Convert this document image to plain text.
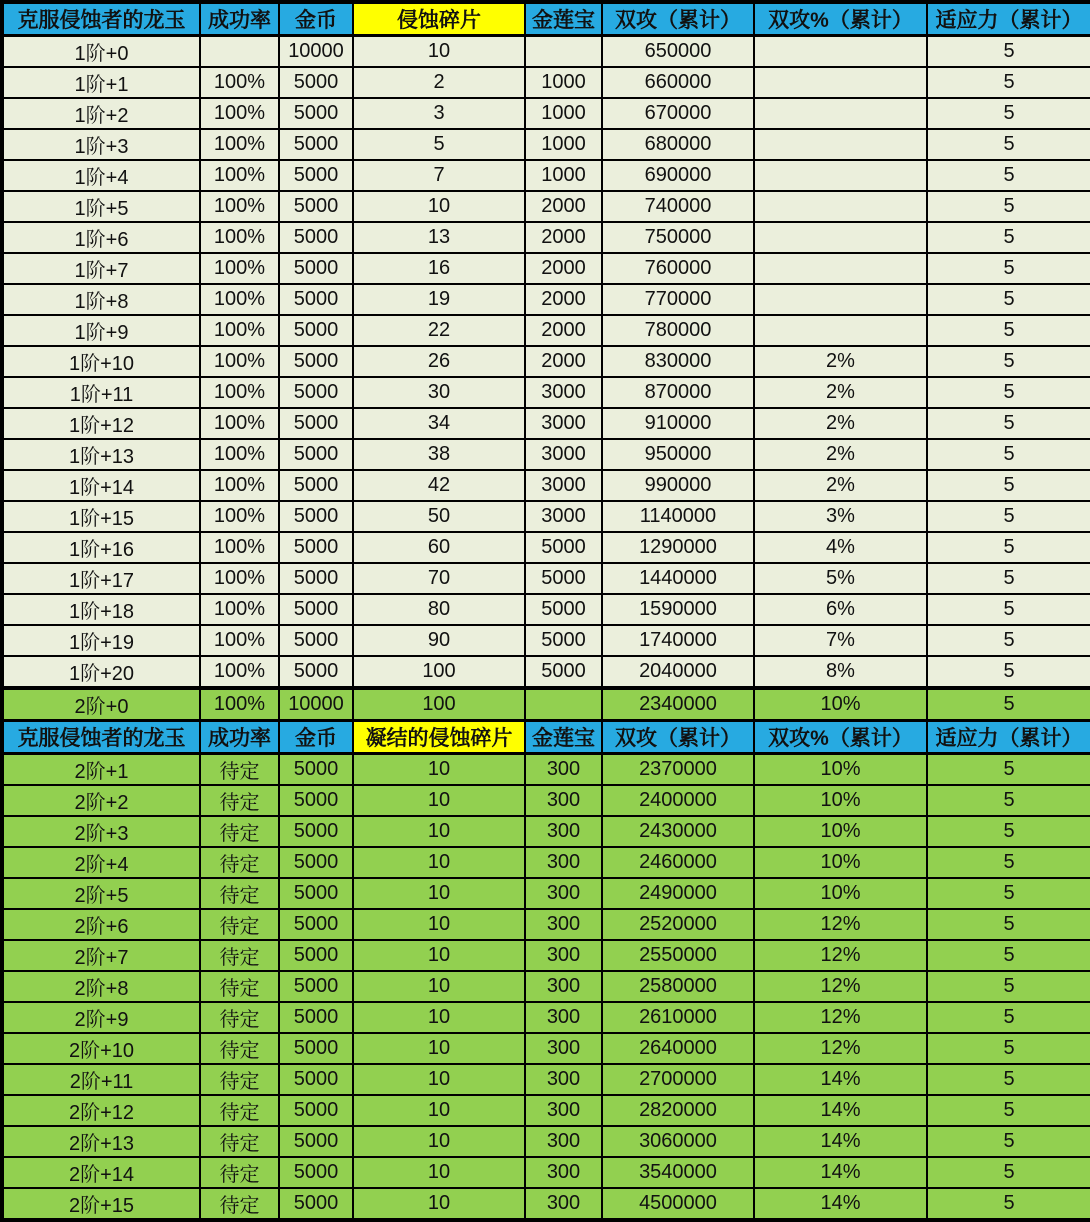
克服侵蚀者的龙玉	成功率	金币	侵蚀碎片	金莲宝	双攻（累计）	双攻%（累计）	适应力（累计）
1阶+0		10000	10		650000		5
1阶+1	100%	5000	2	1000	660000		5
1阶+2	100%	5000	3	1000	670000		5
1阶+3	100%	5000	5	1000	680000		5
1阶+4	100%	5000	7	1000	690000		5
1阶+5	100%	5000	10	2000	740000		5
1阶+6	100%	5000	13	2000	750000		5
1阶+7	100%	5000	16	2000	760000		5
1阶+8	100%	5000	19	2000	770000		5
1阶+9	100%	5000	22	2000	780000		5
1阶+10	100%	5000	26	2000	830000	2%	5
1阶+11	100%	5000	30	3000	870000	2%	5
1阶+12	100%	5000	34	3000	910000	2%	5
1阶+13	100%	5000	38	3000	950000	2%	5
1阶+14	100%	5000	42	3000	990000	2%	5
1阶+15	100%	5000	50	3000	1140000	3%	5
1阶+16	100%	5000	60	5000	1290000	4%	5
1阶+17	100%	5000	70	5000	1440000	5%	5
1阶+18	100%	5000	80	5000	1590000	6%	5
1阶+19	100%	5000	90	5000	1740000	7%	5
1阶+20	100%	5000	100	5000	2040000	8%	5
2阶+0	100%	10000	100		2340000	10%	5
克服侵蚀者的龙玉	成功率	金币	凝结的侵蚀碎片	金莲宝	双攻（累计）	双攻%（累计）	适应力（累计）
2阶+1	待定	5000	10	300	2370000	10%	5
2阶+2	待定	5000	10	300	2400000	10%	5
2阶+3	待定	5000	10	300	2430000	10%	5
2阶+4	待定	5000	10	300	2460000	10%	5
2阶+5	待定	5000	10	300	2490000	10%	5
2阶+6	待定	5000	10	300	2520000	12%	5
2阶+7	待定	5000	10	300	2550000	12%	5
2阶+8	待定	5000	10	300	2580000	12%	5
2阶+9	待定	5000	10	300	2610000	12%	5
2阶+10	待定	5000	10	300	2640000	12%	5
2阶+11	待定	5000	10	300	2700000	14%	5
2阶+12	待定	5000	10	300	2820000	14%	5
2阶+13	待定	5000	10	300	3060000	14%	5
2阶+14	待定	5000	10	300	3540000	14%	5
2阶+15	待定	5000	10	300	4500000	14%	5
